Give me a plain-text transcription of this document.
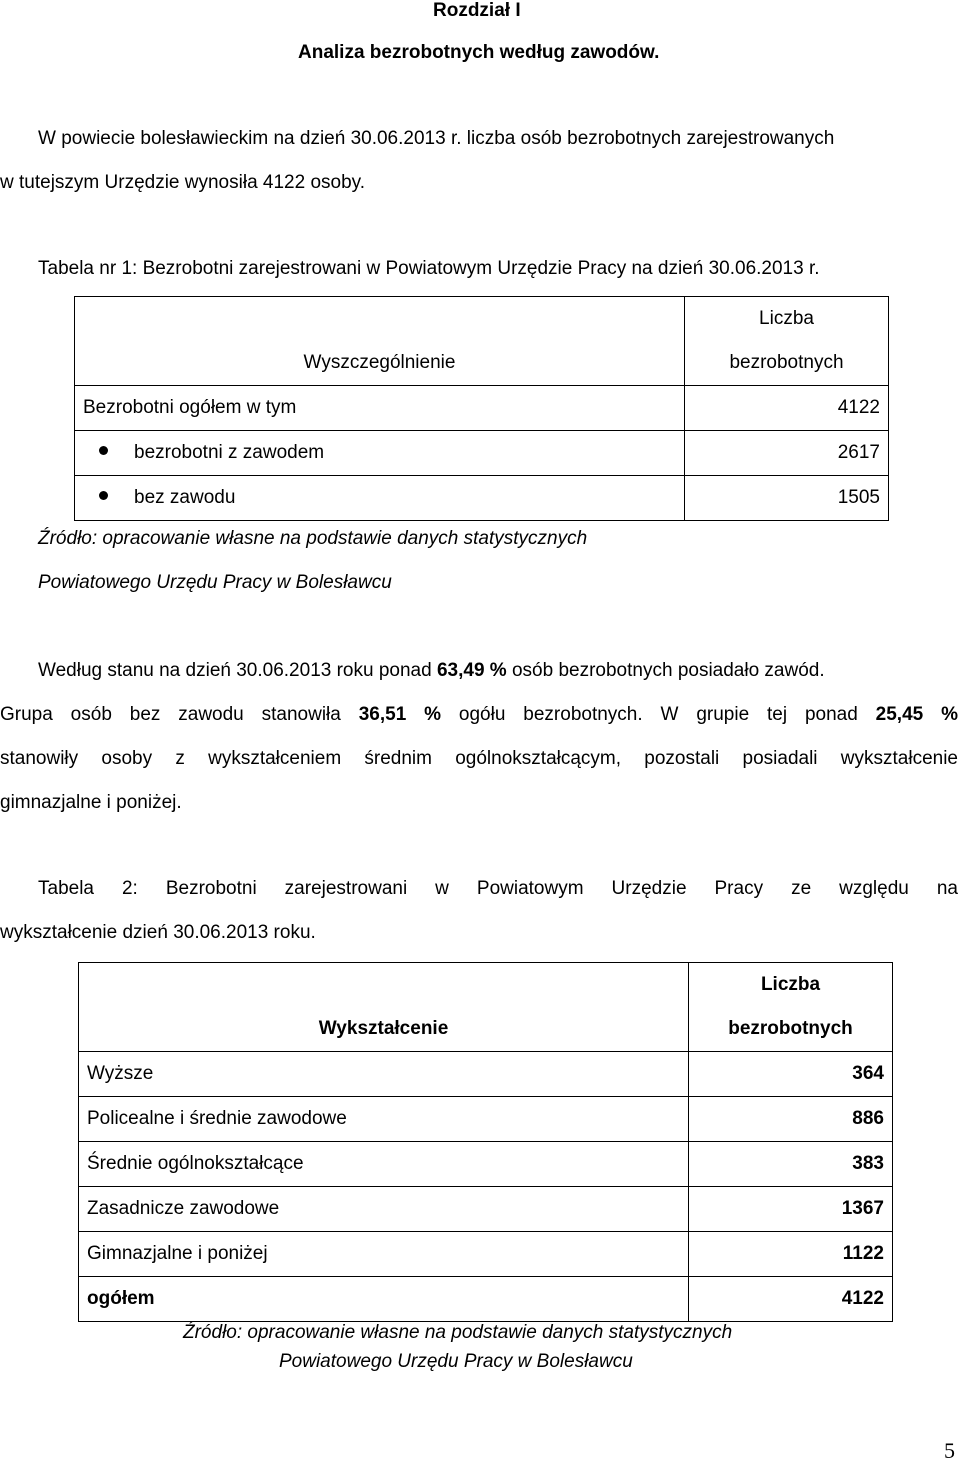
Rozdział I
Analiza bezrobotnych według zawodów.
W powiecie bolesławieckim na dzień 30.06.2013 r. liczba osób bezrobotnych zarejestrowanych
w tutejszym Urzędzie wynosiła 4122 osoby.
Tabela nr 1: Bezrobotni zarejestrowani w Powiatowym Urzędzie Pracy na dzień 30.06.2013 r.
Wyszczególnienie	Liczba
bezrobotnych

Bezrobotni ogółem w tym	4122
bezrobotni z zawodem	2617
bez zawodu	1505
Źródło: opracowanie własne na podstawie danych statystycznych
Powiatowego Urzędu Pracy w Bolesławcu
Według stanu na dzień 30.06.2013 roku ponad 63,49 % osób bezrobotnych posiadało zawód.
Grupa osób bez zawodu stanowiła 36,51 % ogółu bezrobotnych. W grupie tej ponad 25,45 %
stanowiły osoby z wykształceniem średnim ogólnokształcącym, pozostali posiadali wykształcenie
gimnazjalne i poniżej.
Tabela 2: Bezrobotni zarejestrowani w Powiatowym Urzędzie Pracy ze względu na
wykształcenie dzień 30.06.2013 roku.
Wykształcenie	Liczba
bezrobotnych

Wyższe	364
Policealne i średnie zawodowe	886
Średnie ogólnokształcące	383
Zasadnicze zawodowe	1367
Gimnazjalne i poniżej	1122
ogółem	4122
Źródło: opracowanie własne na podstawie danych statystycznych
Powiatowego Urzędu Pracy w Bolesławcu
5
